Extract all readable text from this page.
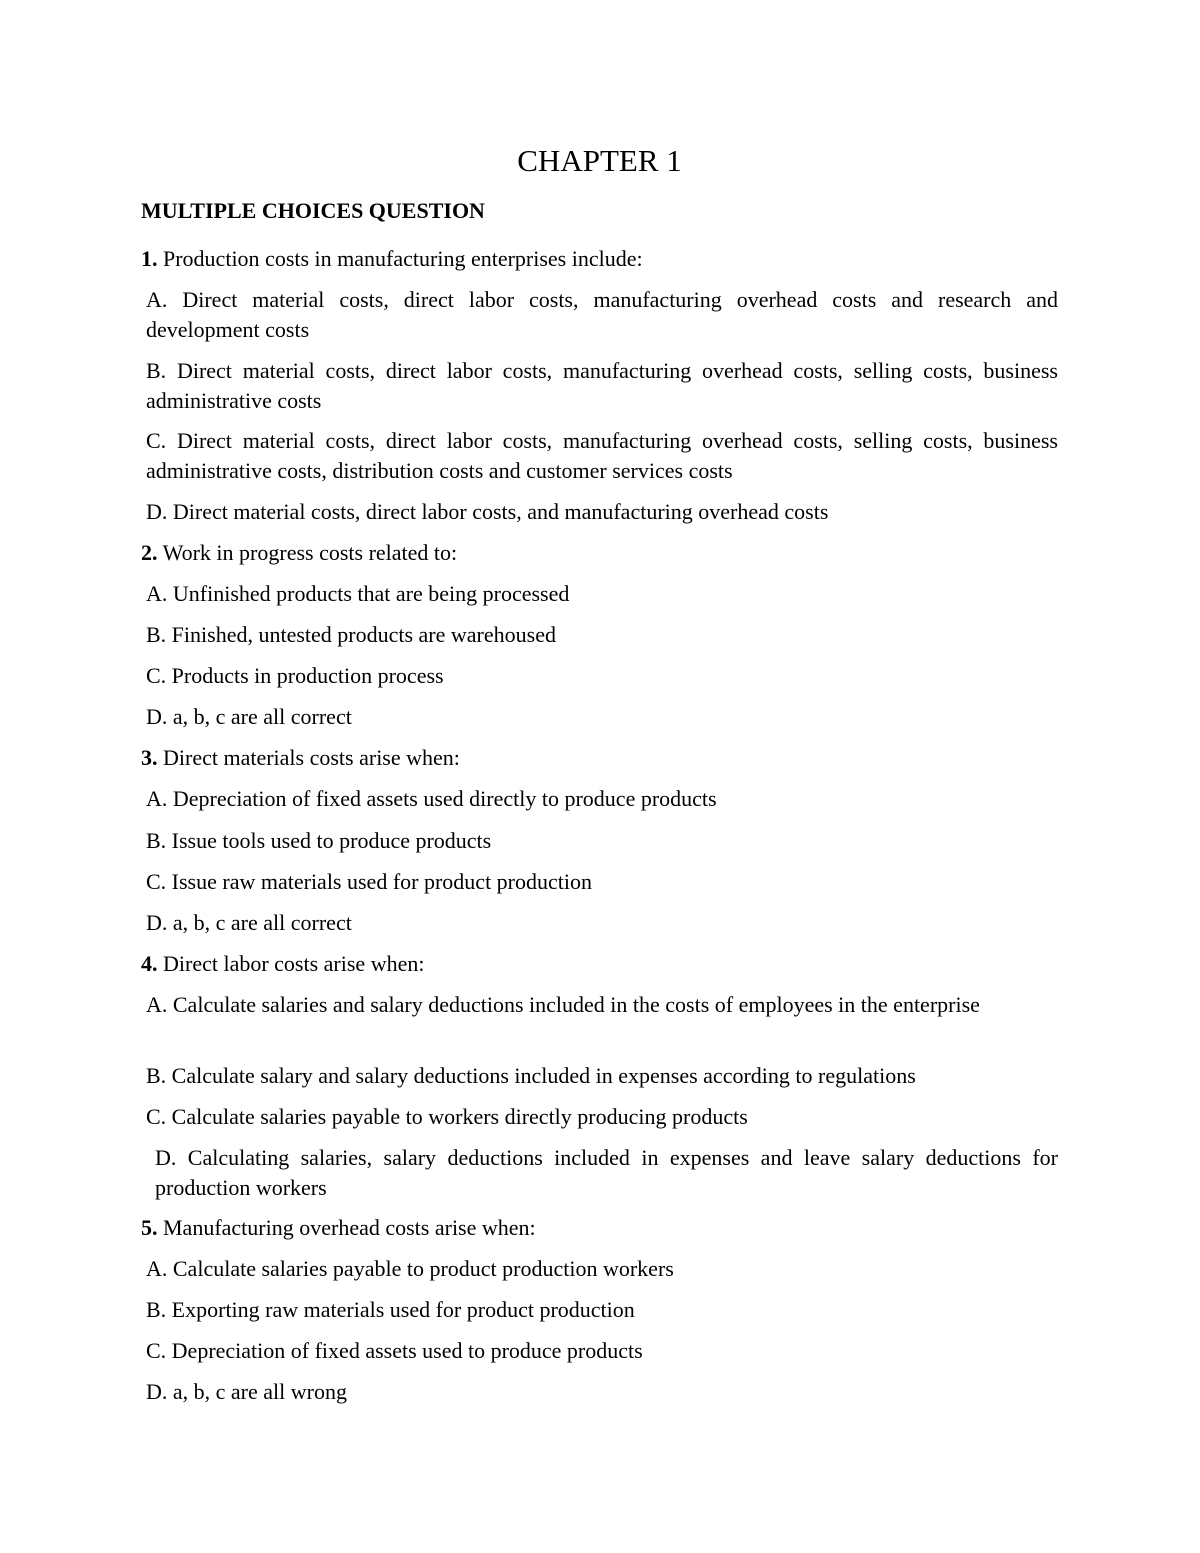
CHAPTER 1
MULTIPLE CHOICES QUESTION

1. Production costs in manufacturing enterprises include:

A. Direct material costs, direct labor costs, manufacturing overhead costs and research and development costs

B. Direct material costs, direct labor costs, manufacturing overhead costs, selling costs, business administrative costs

C. Direct material costs, direct labor costs, manufacturing overhead costs, selling costs, business administrative costs, distribution costs and customer services costs

D. Direct material costs, direct labor costs, and manufacturing overhead costs

2. Work in progress costs related to:

A. Unfinished products that are being processed

B. Finished, untested products are warehoused

C. Products in production process

D. a, b, c are all correct

3. Direct materials costs arise when:

A. Depreciation of fixed assets used directly to produce products

B. Issue tools used to produce products

C. Issue raw materials used for product production

D. a, b, c are all correct

4. Direct labor costs arise when:

A. Calculate salaries and salary deductions included in the costs of employees in the enterprise

B. Calculate salary and salary deductions included in expenses according to regulations

C. Calculate salaries payable to workers directly producing products

D. Calculating salaries, salary deductions included in expenses and leave salary deductions for production workers

5. Manufacturing overhead costs arise when:

A. Calculate salaries payable to product production workers

B. Exporting raw materials used for product production

C. Depreciation of fixed assets used to produce products

D. a, b, c are all wrong
